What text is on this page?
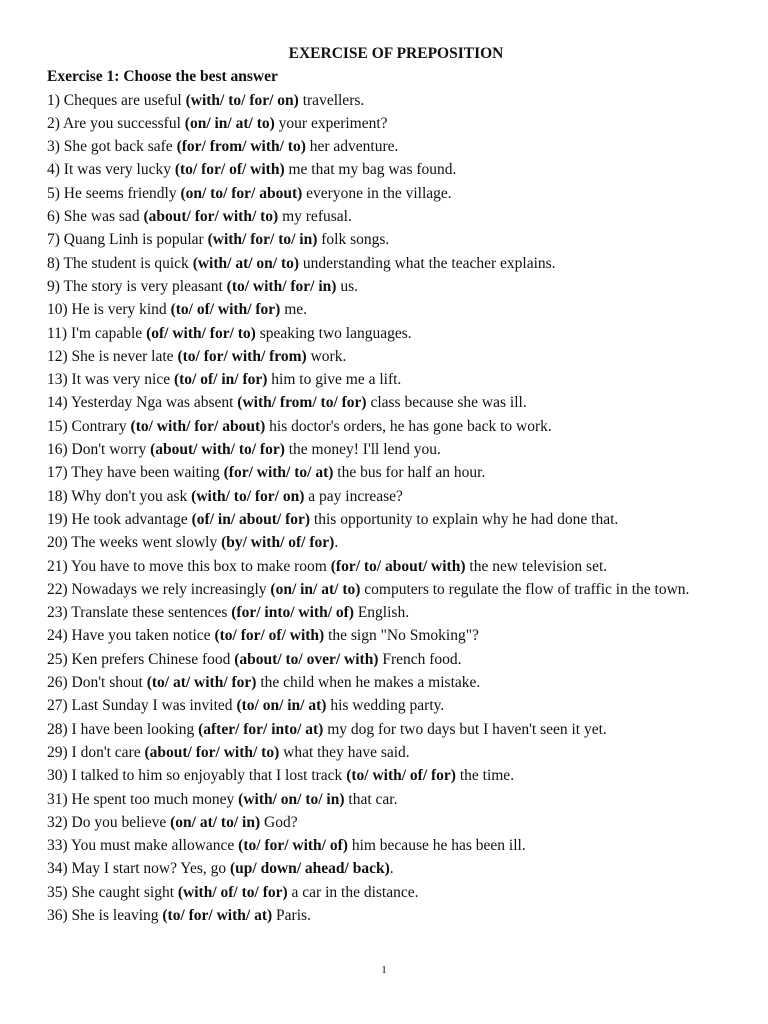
EXERCISE OF PREPOSITION

Exercise 1: Choose the best answer

1) Cheques are useful (with/ to/ for/ on) travellers.
2) Are you successful (on/ in/ at/ to) your experiment?
3) She got back safe (for/ from/ with/ to) her adventure.
4) It was very lucky (to/ for/ of/ with) me that my bag was found.
5) He seems friendly (on/ to/ for/ about) everyone in the village.
6) She was sad (about/ for/ with/ to) my refusal.
7) Quang Linh is popular (with/ for/ to/ in) folk songs.
8) The student is quick (with/ at/ on/ to) understanding what the teacher explains.
9) The story is very pleasant (to/ with/ for/ in) us.
10) He is very kind (to/ of/ with/ for) me.
11) I'm capable (of/ with/ for/ to) speaking two languages.
12) She is never late (to/ for/ with/ from) work.
13) It was very nice (to/ of/ in/ for) him to give me a lift.
14) Yesterday Nga was absent (with/ from/ to/ for) class because she was ill.
15) Contrary (to/ with/ for/ about) his doctor's orders, he has gone back to work.
16) Don't worry (about/ with/ to/ for) the money! I'll lend you.
17) They have been waiting (for/ with/ to/ at) the bus for half an hour.
18) Why don't you ask (with/ to/ for/ on) a pay increase?
19) He took advantage (of/ in/ about/ for) this opportunity to explain why he had done that.
20) The weeks went slowly (by/ with/ of/ for).
21) You have to move this box to make room (for/ to/ about/ with) the new television set.
22) Nowadays we rely increasingly (on/ in/ at/ to) computers to regulate the flow of traffic in the town.
23) Translate these sentences (for/ into/ with/ of) English.
24) Have you taken notice (to/ for/ of/ with) the sign "No Smoking"?
25) Ken prefers Chinese food (about/ to/ over/ with) French food.
26) Don't shout (to/ at/ with/ for) the child when he makes a mistake.
27) Last Sunday I was invited (to/ on/ in/ at) his wedding party.
28) I have been looking (after/ for/ into/ at) my dog for two days but I haven't seen it yet.
29) I don't care (about/ for/ with/ to) what they have said.
30) I talked to him so enjoyably that I lost track (to/ with/ of/ for) the time.
31) He spent too much money (with/ on/ to/ in) that car.
32) Do you believe (on/ at/ to/ in) God?
33) You must make allowance (to/ for/ with/ of) him because he has been ill.
34) May I start now? Yes, go (up/ down/ ahead/ back).
35) She caught sight (with/ of/ to/ for) a car in the distance.
36) She is leaving (to/ for/ with/ at) Paris.
1
